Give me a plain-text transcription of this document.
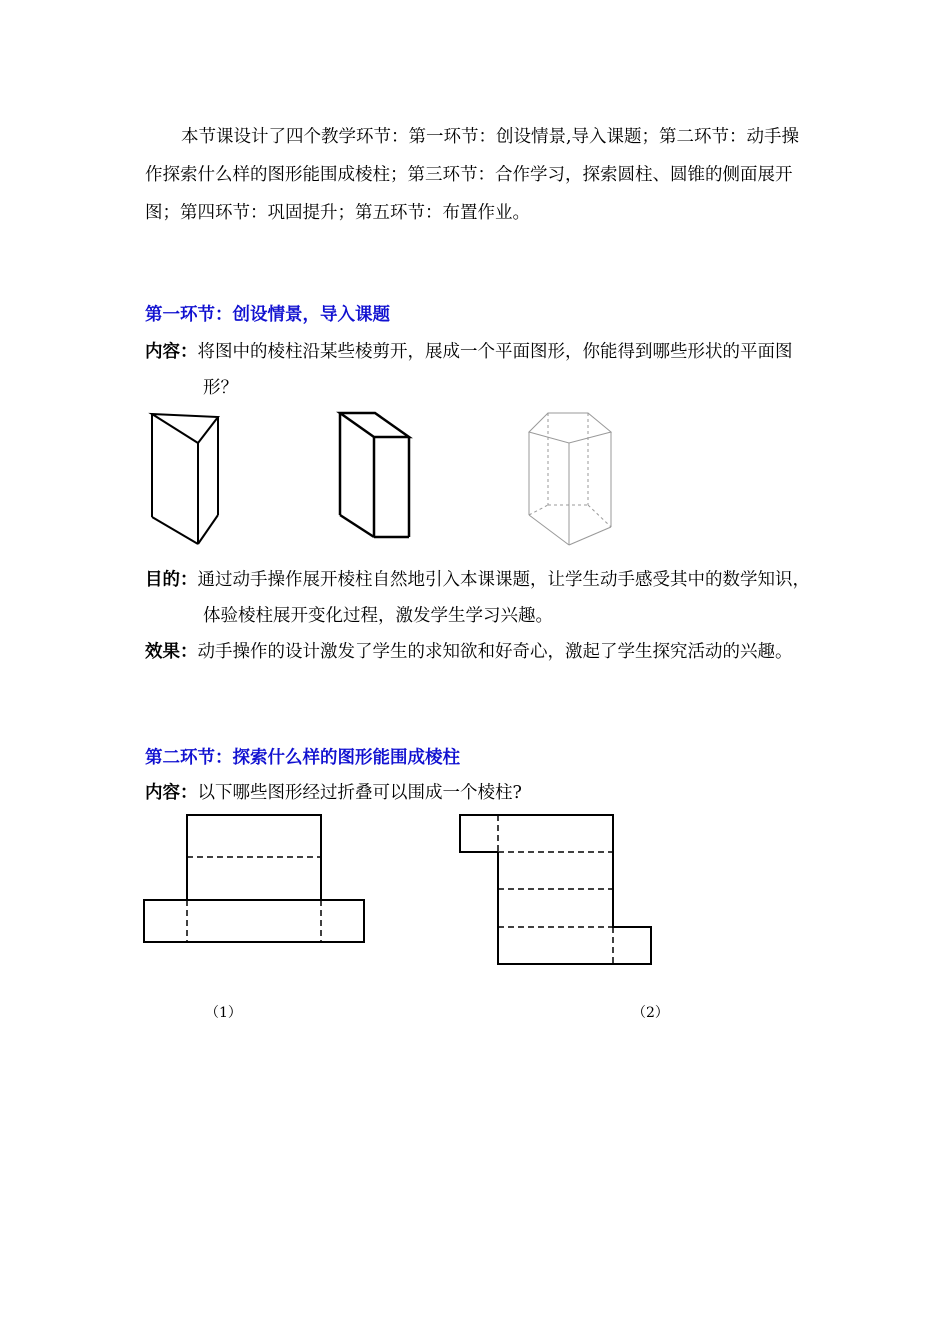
本节课设计了四个教学环节：第一环节：创设情景,导入课题；第二环节：动手操作探索什么样的图形能围成棱柱；第三环节：合作学习，探索圆柱、圆锥的侧面展开图；第四环节：巩固提升；第五环节：布置作业。

第一环节：创设情景，导入课题

内容：将图中的棱柱沿某些棱剪开，展成一个平面图形，你能得到哪些形状的平面图形？

目的：通过动手操作展开棱柱自然地引入本课课题，让学生动手感受其中的数学知识，体验棱柱展开变化过程，激发学生学习兴趣。

效果：动手操作的设计激发了学生的求知欲和好奇心，激起了学生探究活动的兴趣。

第二环节：探索什么样的图形能围成棱柱

内容：以下哪些图形经过折叠可以围成一个棱柱?

（1）	（2）
